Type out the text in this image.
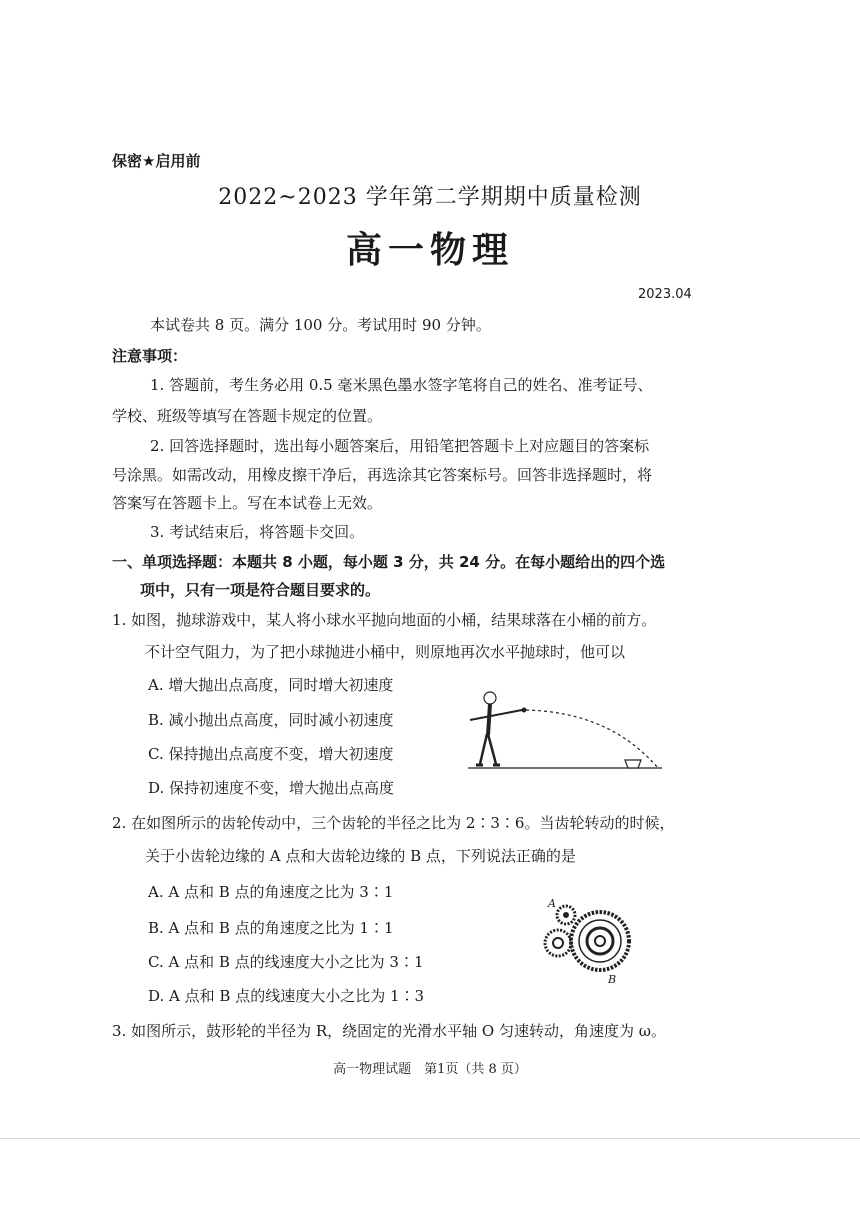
保密★启用前
2022~2023 学年第二学期期中质量检测
高一物理
2023.04
本试卷共 8 页。满分 100 分。考试用时 90 分钟。
注意事项：
1. 答题前，考生务必用 0.5 毫米黑色墨水签字笔将自己的姓名、准考证号、
学校、班级等填写在答题卡规定的位置。
2. 回答选择题时，选出每小题答案后，用铅笔把答题卡上对应题目的答案标
号涂黑。如需改动，用橡皮擦干净后，再选涂其它答案标号。回答非选择题时，将
答案写在答题卡上。写在本试卷上无效。
3. 考试结束后，将答题卡交回。
一、单项选择题：本题共 8 小题，每小题 3 分，共 24 分。在每小题给出的四个选
项中，只有一项是符合题目要求的。
1. 如图，抛球游戏中，某人将小球水平抛向地面的小桶，结果球落在小桶的前方。
不计空气阻力，为了把小球抛进小桶中，则原地再次水平抛球时，他可以
A. 增大抛出点高度，同时增大初速度
B. 减小抛出点高度，同时减小初速度
C. 保持抛出点高度不变，增大初速度
D. 保持初速度不变，增大抛出点高度
2. 在如图所示的齿轮传动中，三个齿轮的半径之比为 2∶3∶6。当齿轮转动的时候，
关于小齿轮边缘的 A 点和大齿轮边缘的 B 点，下列说法正确的是
A. A 点和 B 点的角速度之比为 3∶1
B. A 点和 B 点的角速度之比为 1∶1
C. A 点和 B 点的线速度大小之比为 3∶1
D. A 点和 B 点的线速度大小之比为 1∶3
A
B
3. 如图所示，鼓形轮的半径为 R，绕固定的光滑水平轴 O 匀速转动，角速度为 ω。
高一物理试题　第1页（共 8 页）
